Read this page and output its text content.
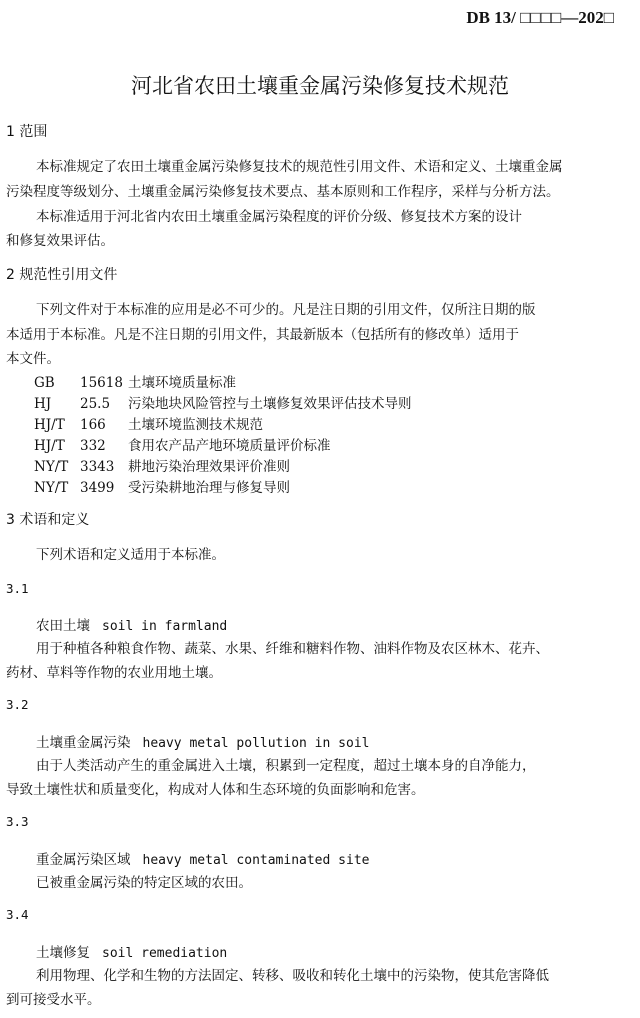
DB 13/ □□□□—202□
河北省农田土壤重金属污染修复技术规范
1 范围
本标准规定了农田土壤重金属污染修复技术的规范性引用文件、术语和定义、土壤重金属
污染程度等级划分、土壤重金属污染修复技术要点、基本原则和工作程序，采样与分析方法。
本标准适用于河北省内农田土壤重金属污染程度的评价分级、修复技术方案的设计
和修复效果评估。
2 规范性引用文件
下列文件对于本标准的应用是必不可少的。凡是注日期的引用文件，仅所注日期的版
本适用于本标准。凡是不注日期的引用文件，其最新版本（包括所有的修改单）适用于
本文件。
GB 15618 土壤环境质量标准
HJ 25.5 污染地块风险管控与土壤修复效果评估技术导则
HJ/T 166 土壤环境监测技术规范
HJ/T 332 食用农产品产地环境质量评价标准
NY/T 3343 耕地污染治理效果评价准则
NY/T 3499 受污染耕地治理与修复导则
3 术语和定义
下列术语和定义适用于本标准。
3.1
农田土壤 soil in farmland
用于种植各种粮食作物、蔬菜、水果、纤维和糖料作物、油料作物及农区林木、花卉、
药材、草料等作物的农业用地土壤。
3.2
土壤重金属污染 heavy metal pollution in soil
由于人类活动产生的重金属进入土壤，积累到一定程度，超过土壤本身的自净能力，
导致土壤性状和质量变化，构成对人体和生态环境的负面影响和危害。
3.3
重金属污染区域 heavy metal contaminated site
已被重金属污染的特定区域的农田。
3.4
土壤修复 soil remediation
利用物理、化学和生物的方法固定、转移、吸收和转化土壤中的污染物，使其危害降低
到可接受水平。
